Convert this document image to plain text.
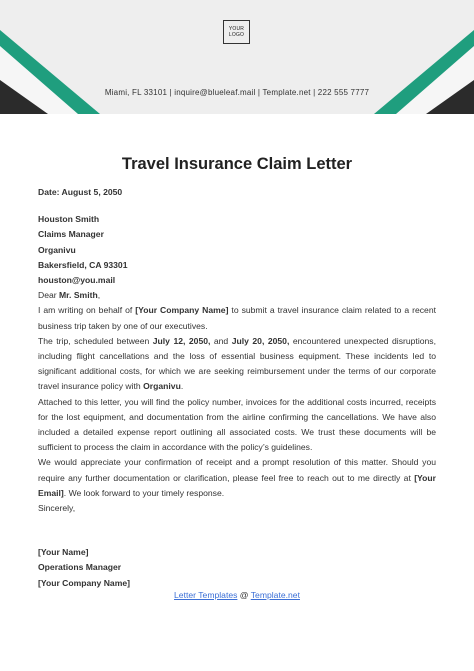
YOUR LOGO
Miami, FL 33101 | inquire@blueleaf.mail | Template.net | 222 555 7777
Travel Insurance Claim Letter

Date: August 5, 2050

Houston Smith

Claims Manager

Organivu

Bakersfield, CA 93301

houston@you.mail

Dear Mr. Smith,

I am writing on behalf of [Your Company Name] to submit a travel insurance claim related to a recent business trip taken by one of our executives.

The trip, scheduled between July 12, 2050, and July 20, 2050, encountered unexpected disruptions, including flight cancellations and the loss of essential business equipment. These incidents led to significant additional costs, for which we are seeking reimbursement under the terms of our corporate travel insurance policy with Organivu.

Attached to this letter, you will find the policy number, invoices for the additional costs incurred, receipts for the lost equipment, and documentation from the airline confirming the cancellations. We have also included a detailed expense report outlining all associated costs. We trust these documents will be sufficient to process the claim in accordance with the policy’s guidelines.

We would appreciate your confirmation of receipt and a prompt resolution of this matter. Should you require any further documentation or clarification, please feel free to reach out to me directly at [Your Email]. We look forward to your timely response.

Sincerely,

[Your Name]

Operations Manager

[Your Company Name]

Letter Templates @ Template.net
